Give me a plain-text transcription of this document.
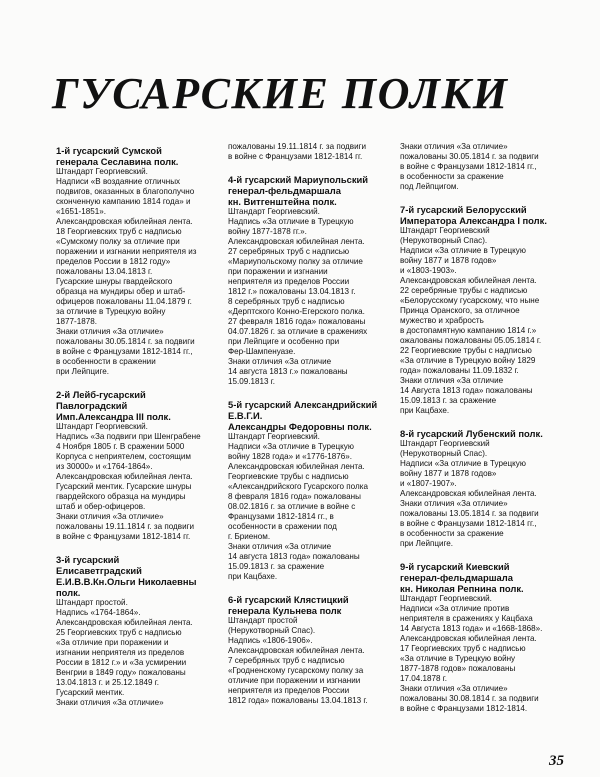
ГУСАРСКИЕ ПОЛКИ
1-й гусарский Сумской
генерала Сеславина полк.
Штандарт Георгиевский.
Надписи «В воздаяние отличных
подвигов, оказанных в благополучно
сконченную кампанию 1814 года» и
«1651-1851».
Александровская юбилейная лента.
18 Георгиевских труб с надписью
«Сумскому полку за отличие при
поражении и изгнании неприятеля из
пределов России в 1812 году»
пожалованы 13.04.1813 г.
Гусарские шнуры гвардейского
образца на мундиры обер и штаб-
офицеров пожалованы 11.04.1879 г.
за отличие в Турецкую войну
1877-1878.
Знаки отличия «За отличие»
пожалованы 30.05.1814 г. за подвиги
в войне с Французами 1812-1814 гг.,
в особенности в сражении
при Лейпциге.
2-й Лейб-гусарский
Павлоградский
Имп.Александра III полк.
Штандарт Георгиевский.
Надпись «За подвиги при Шенграбене
4 Ноября 1805 г. В сражении 5000
Корпуса с неприятелем, состоящим
из 30000» и «1764-1864».
Александровская юбилейная лента.
Гусарский ментик. Гусарские шнуры
гвардейского образца на мундиры
штаб и обер-офицеров.
Знаки отличия «За отличие»
пожалованы 19.11.1814 г. за подвиги
в войне с Французами 1812-1814 гг.
3-й гусарский
Елисаветградский
Е.И.В.В.Кн.Ольги Николаевны
полк.
Штандарт простой.
Надпись «1764-1864».
Александровская юбилейная лента.
25 Георгиевских труб с надписью
«За отличие при поражении и
изгнании неприятеля из пределов
России в 1812 г.» и «За усмирении
Венгрии в 1849 году» пожалованы
13.04.1813 г. и 25.12.1849 г.
Гусарский ментик.
Знаки отличия «За отличие»
пожалованы 19.11.1814 г. за подвиги
в войне с Французами 1812-1814 гг.
4-й гусарский Мариупольский
генерал-фельдмаршала
кн. Витгенштейна полк.
Штандарт Георгиевский.
Надпись «За отличие в Турецкую
войну 1877-1878 гг.».
Александровская юбилейная лента.
27 серебряных труб с надписью
«Мариупольскому полку за отличие
при поражении и изгнании
неприятеля из пределов России
1812 г.» пожалованы 13.04.1813 г.
8 серебряных труб с надписью
«Дерптского Конно-Егерского полка.
27 февраля 1816 года» пожалованы
04.07.1826 г. за отличие в сражениях
при Лейпциге и особенно при
Фер-Шампенуазе.
Знаки отличия «За отличие
14 августа 1813 г.» пожалованы
15.09.1813 г.
5-й гусарский Александрийский
Е.В.Г.И.
Александры Федоровны полк.
Штандарт Георгиевский.
Надписи «За отличие в Турецкую
войну 1828 года» и «1776-1876».
Александровская юбилейная лента.
Георгиевские трубы с надписью
«Александрийского Гусарского полка
8 февраля 1816 года» пожалованы
08.02.1816 г. за отличие в войне с
Французами 1812-1814 гг., в
особенности в сражении под
г. Бриеном.
Знаки отличия «За отличие
14 августа 1813 года» пожалованы
15.09.1813 г. за сражение
при Кацбахе.
6-й гусарский Клястицкий
генерала Кульнева полк
Штандарт простой
(Нерукотворный Спас).
Надпись «1806-1906».
Александровская юбилейная лента.
7 серебряных труб с надписью
«Гродненскому гусарскому полку за
отличие при поражении и изгнании
неприятеля из пределов России
1812 года» пожалованы 13.04.1813 г.
Знаки отличия «За отличие»
пожалованы 30.05.1814 г. за подвиги
в войне с Французами 1812-1814 гг.,
в особенности за сражение
под Лейпцигом.
7-й гусарский Белорусский
Императора Александра I полк.
Штандарт Георгиевский
(Нерукотворный Спас).
Надписи «За отличие в Турецкую
войну 1877 и 1878 годов»
и «1803-1903».
Александровская юбилейная лента.
22 серебряные трубы с надписью
«Белорусскому гусарскому, что ныне
Принца Оранского, за отличное
мужество и храбрость
в достопамятную кампанию 1814 г.»
ожалованы пожалованы 05.05.1814 г.
22 Георгиевские трубы с надписью
«За отличие в Турецкую войну 1829
года» пожалованы 11.09.1832 г.
Знаки отличия «За отличие
14 Августа 1813 года» пожалованы
15.09.1813 г. за сражение
при Кацбахе.
8-й гусарский Лубенский полк.
Штандарт Георгиевский
(Нерукотворный Спас).
Надписи «За отличие в Турецкую
войну 1877 и 1878 годов»
и «1807-1907».
Александровская юбилейная лента.
Знаки отличия «За отличие»
пожалованы 13.05.1814 г. за подвиги
в войне с Французами 1812-1814 гг.,
в особенности за сражение
при Лейпциге.
9-й гусарский Киевский
генерал-фельдмаршала
кн. Николая Репнина полк.
Штандарт Георгиевский.
Надписи «За отличие против
неприятеля в сражениях у Кацбаха
14 Августа 1813 года» и «1668-1868».
Александровская юбилейная лента.
17 Георгиевских труб с надписью
«За отличие в Турецкую войну
1877-1878 годов» пожалованы
17.04.1878 г.
Знаки отличия «За отличие»
пожалованы 30.08.1814 г. за подвиги
в войне с Французами 1812-1814.
35
